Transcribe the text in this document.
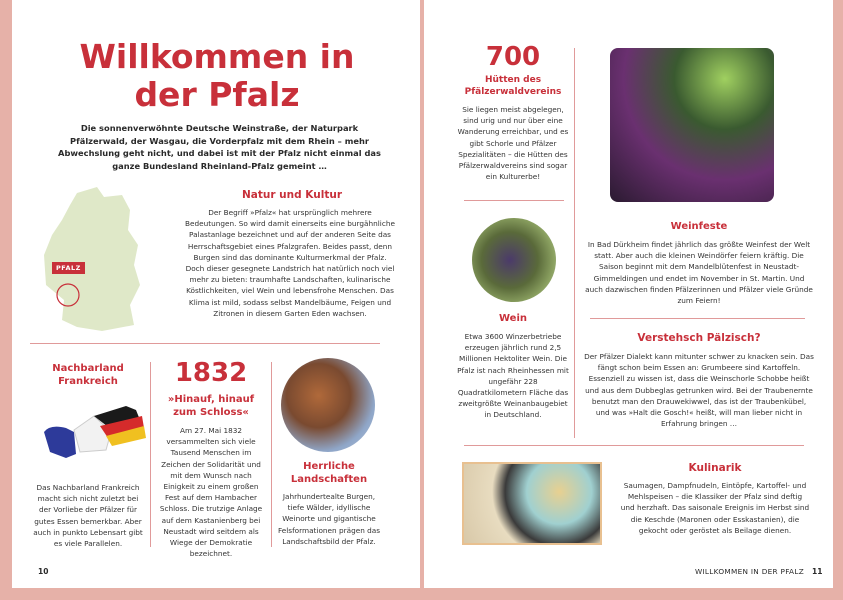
Willkommen in
der Pfalz
Die sonnenverwöhnte Deutsche Weinstraße, der Naturpark Pfälzerwald, der Wasgau, die Vorderpfalz mit dem Rhein – mehr Abwechslung geht nicht, und dabei ist mit der Pfalz nicht einmal das ganze Bundesland Rheinland-Pfalz gemeint …
PFALZ
Natur und Kultur
Der Begriff »Pfalz« hat ursprünglich mehrere Bedeutungen. So wird damit einerseits eine burgähnliche Palastanlage bezeichnet und auf der anderen Seite das Herrschaftsgebiet eines Pfalzgrafen. Beides passt, denn Burgen sind das dominante Kulturmerkmal der Pfalz. Doch dieser gesegnete Landstrich hat natürlich noch viel mehr zu bieten: traumhafte Landschaften, kulinarische Köstlichkeiten, viel Wein und lebensfrohe Menschen. Das Klima ist mild, sodass selbst Mandelbäume, Feigen und Zitronen in diesem Garten Eden wachsen.
Nachbarland Frankreich
Das Nachbarland Frankreich macht sich nicht zuletzt bei der Vorliebe der Pfälzer für gutes Essen bemerkbar. Aber auch in punkto Lebensart gibt es viele Parallelen.
1832
»Hinauf, hinauf zum Schloss«
Am 27. Mai 1832 versammelten sich viele Tausend Menschen im Zeichen der Solidarität und mit dem Wunsch nach Einigkeit zu einem großen Fest auf dem Hambacher Schloss. Die trutzige Anlage auf dem Kastanienberg bei Neustadt wird seitdem als Wiege der Demokratie bezeichnet.
Herrliche Landschaften
Jahrhundertealte Burgen, tiefe Wälder, idyllische Weinorte und gigantische Felsformationen prägen das Landschaftsbild der Pfalz.
10
700
Hütten des Pfälzerwaldvereins
Sie liegen meist abgelegen, sind urig und nur über eine Wanderung erreichbar, und es gibt Schorle und Pfälzer Spezialitäten – die Hütten des Pfälzerwaldvereins sind sogar ein Kulturerbe!
Wein
Etwa 3600 Winzerbetriebe erzeugen jährlich rund 2,5 Millionen Hektoliter Wein. Die Pfalz ist nach Rheinhessen mit ungefähr 228 Quadratkilometern Fläche das zweitgrößte Weinanbaugebiet in Deutschland.
Weinfeste
In Bad Dürkheim findet jährlich das größte Weinfest der Welt statt. Aber auch die kleinen Weindörfer feiern kräftig. Die Saison beginnt mit dem Mandelblütenfest in Neustadt-Gimmeldingen und endet im November in St. Martin. Und auch dazwischen finden Pfälzerinnen und Pfälzer viele Gründe zum Feiern!
Verstehsch Pälzisch?
Der Pfälzer Dialekt kann mitunter schwer zu knacken sein. Das fängt schon beim Essen an: Grumbeere sind Kartoffeln. Essenziell zu wissen ist, dass die Weinschorle Schobbe heißt und aus dem Dubbeglas getrunken wird. Bei der Traubenernte benutzt man den Drauwekiwwel, das ist der Traubenkübel, und was »Halt die Gosch!« heißt, will man lieber nicht in Erfahrung bringen …
Kulinarik
Saumagen, Dampfnudeln, Eintöpfe, Kartoffel- und Mehlspeisen – die Klassiker der Pfalz sind deftig und herzhaft. Das saisonale Ereignis im Herbst sind die Keschde (Maronen oder Esskastanien), die gekocht oder geröstet als Beilage dienen.
WILLKOMMEN IN DER PFALZ 11
